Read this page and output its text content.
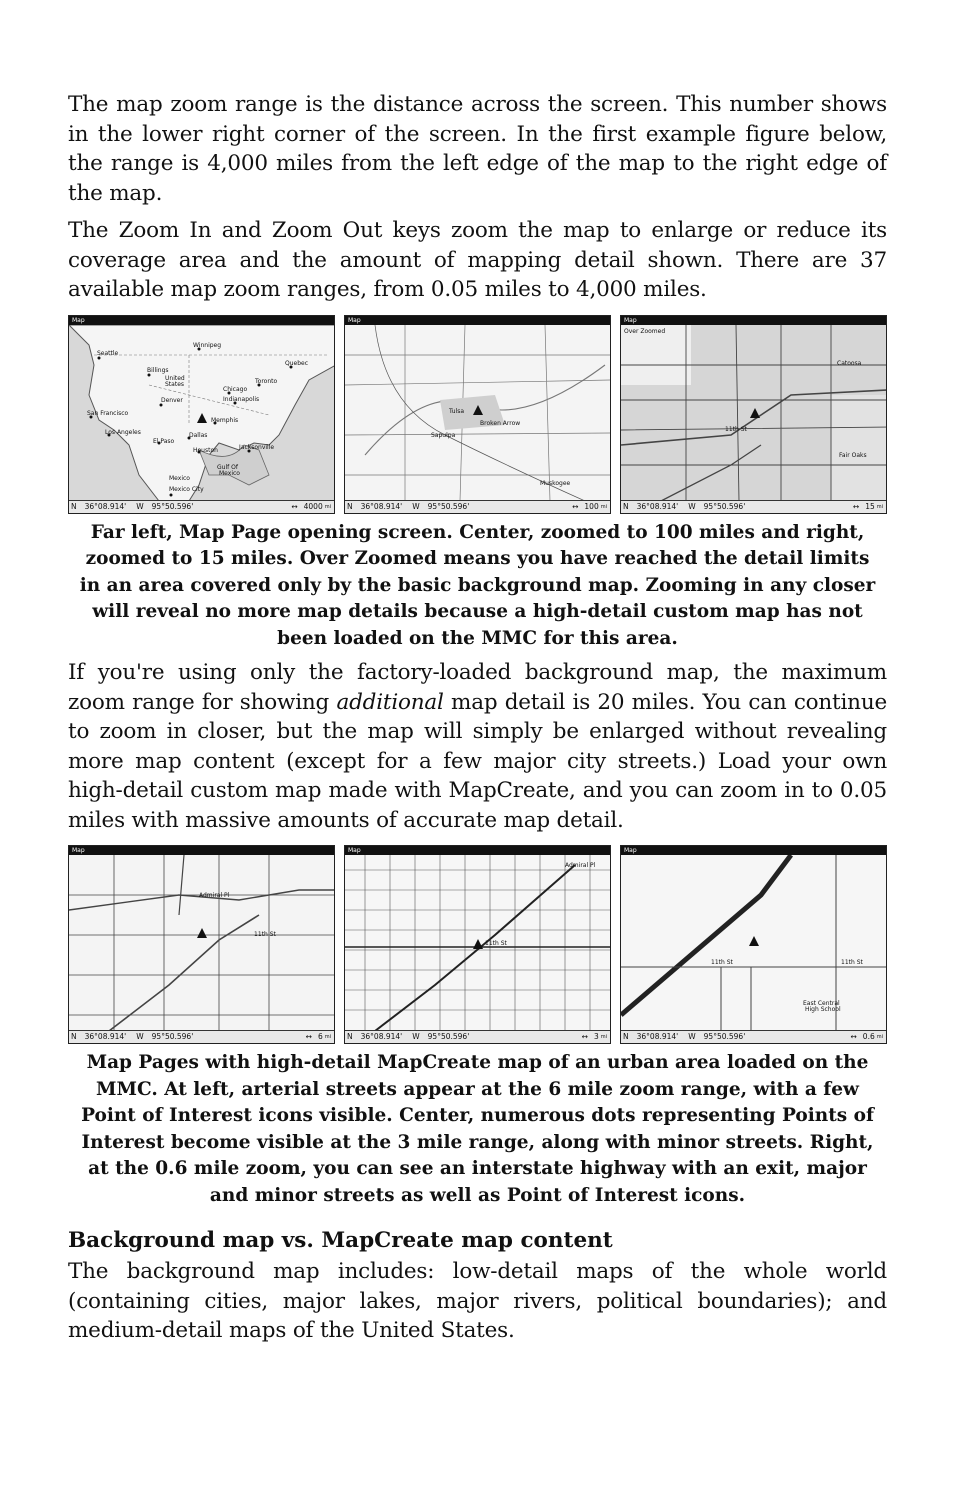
The map zoom range is the distance across the screen. This number shows in the lower right corner of the screen. In the first example figure below, the range is 4,000 miles from the left edge of the map to the right edge of the map.

The Zoom In and Zoom Out keys zoom the map to enlarge or reduce its coverage area and the amount of mapping detail shown. There are 37 available map zoom ranges, from 0.05 miles to 4,000 miles.

Map
Winnipeg
Seattle
Quebec
Billings
United
States	Toronto
Chicago
Denver	Indianapolis
San Francisco
Memphis
Los Angeles	Dallas
Jacksonville
El Paso
Houston
Gulf Of
Mexico
Mexico
Mexico City
N 36°08.914' W 95°50.596'	↔ 4000 mi
Map
Tulsa
Sapulpa
Broken Arrow
Muskogee
N 36°08.914' W 95°50.596'	↔ 100 mi
Map
Over Zoomed
Catoosa
Fair Oaks
11th St
N 36°08.914' W 95°50.596'	↔ 15 mi
Far left, Map Page opening screen. Center, zoomed to 100 miles and right, zoomed to 15 miles. Over Zoomed means you have reached the detail limits in an area covered only by the basic background map. Zooming in any closer will reveal no more map details because a high-detail custom map has not been loaded on the MMC for this area.

If you're using only the factory-loaded background map, the maximum zoom range for showing additional map detail is 20 miles. You can continue to zoom in closer, but the map will simply be enlarged without revealing more map content (except for a few major city streets.) Load your own high-detail custom map made with MapCreate, and you can zoom in to 0.05 miles with massive amounts of accurate map detail.

Map
Admiral Pl
11th St
N 36°08.914' W 95°50.596'	↔ 6 mi
Map
Admiral Pl
11th St
N 36°08.914' W 95°50.596'	↔ 3 mi
Map
11th St	11th St
East Central
High School
N 36°08.914' W 95°50.596'	↔ 0.6 mi
Map Pages with high-detail MapCreate map of an urban area loaded on the MMC. At left, arterial streets appear at the 6 mile zoom range, with a few Point of Interest icons visible. Center, numerous dots representing Points of Interest become visible at the 3 mile range, along with minor streets. Right, at the 0.6 mile zoom, you can see an interstate highway with an exit, major and minor streets as well as Point of Interest icons.
Background map vs. MapCreate map content

The background map includes: low-detail maps of the whole world (containing cities, major lakes, major rivers, political boundaries); and medium-detail maps of the United States.
